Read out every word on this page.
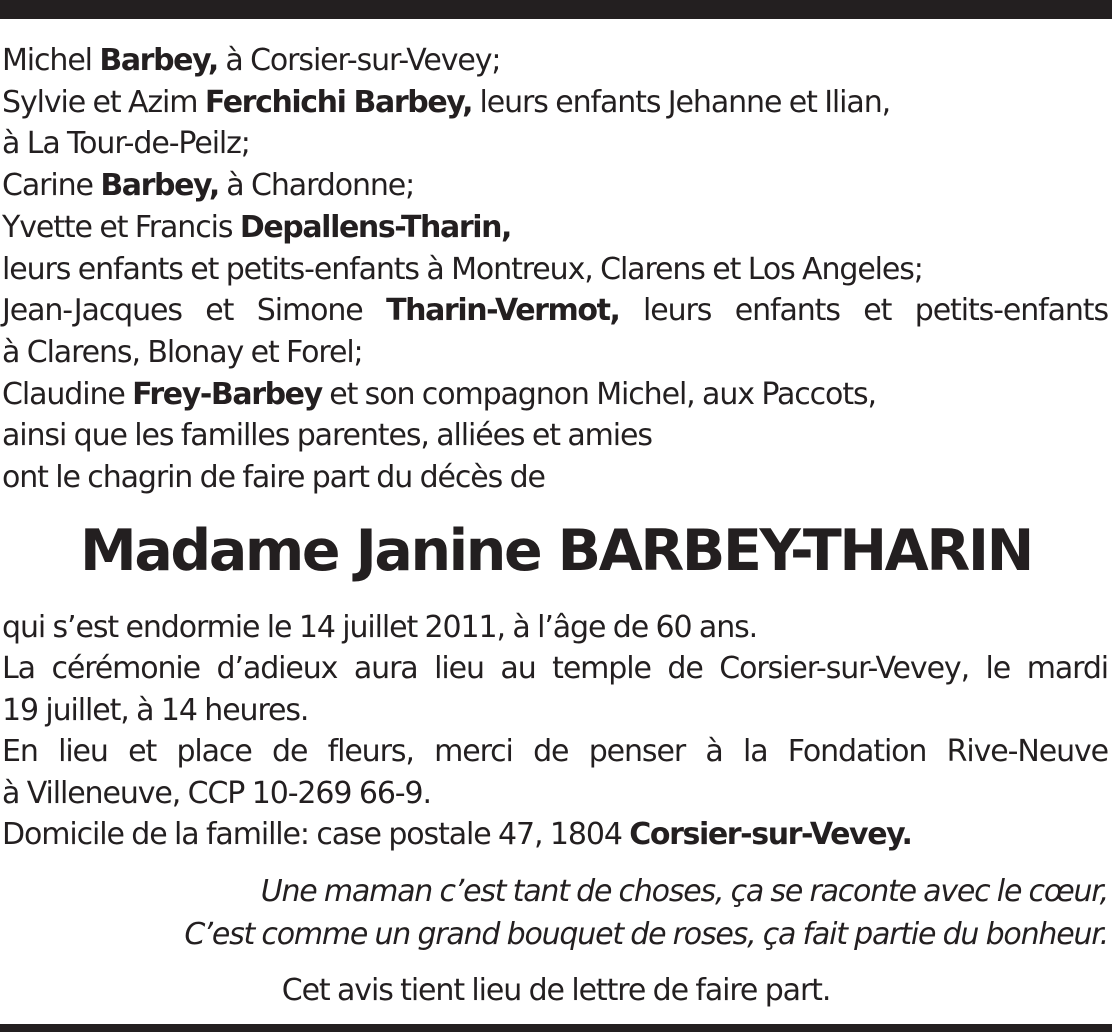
Michel Barbey, à Corsier-sur-Vevey;
Sylvie et Azim Ferchichi Barbey, leurs enfants Jehanne et Ilian,
à La Tour-de-Peilz;
Carine Barbey, à Chardonne;
Yvette et Francis Depallens-Tharin,
leurs enfants et petits-enfants à Montreux, Clarens et Los Angeles;
Jean-Jacques et Simone Tharin-Vermot, leurs enfants et petits-enfants
à Clarens, Blonay et Forel;
Claudine Frey-Barbey et son compagnon Michel, aux Paccots,
ainsi que les familles parentes, alliées et amies
ont le chagrin de faire part du décès de
Madame Janine BARBEY-THARIN
qui s’est endormie le 14 juillet 2011, à l’âge de 60 ans.
La cérémonie d’adieux aura lieu au temple de Corsier-sur-Vevey, le mardi
19 juillet, à 14 heures.
En lieu et place de fleurs, merci de penser à la Fondation Rive-Neuve
à Villeneuve, CCP 10-269 66-9.
Domicile de la famille: case postale 47, 1804 Corsier-sur-Vevey.
Une maman c’est tant de choses, ça se raconte avec le cœur,
C’est comme un grand bouquet de roses, ça fait partie du bonheur.
Cet avis tient lieu de lettre de faire part.
